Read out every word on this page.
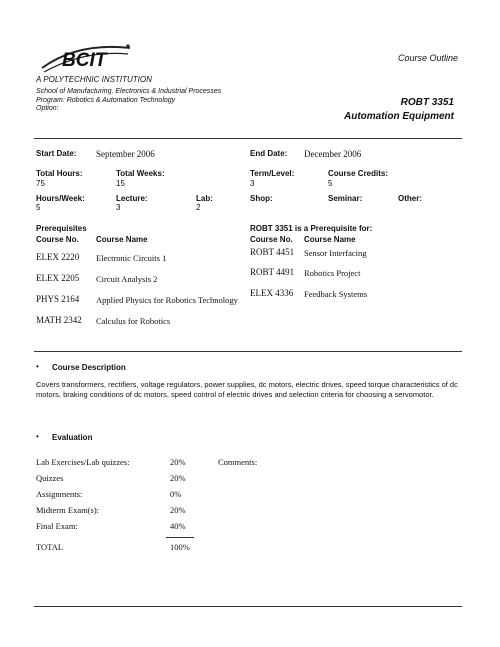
BCIT
A POLYTECHNIC INSTITUTION
School of Manufacturing, Electronics & Industrial Processes
Program: Robotics & Automation Technology
Option:
Course Outline
ROBT 3351
Automation Equipment
Start Date: September 2006	End Date: December 2006
Total Hours:
75
Total Weeks:
15
Term/Level:
3
Course Credits:
5
Hours/Week:
5
Lecture:
3
Lab:
2
Shop:	Seminar:	Other:
Prerequisites
Course No. Course Name
ELEX 2220 Electronic Circuits 1
ELEX 2205 Circuit Analysis 2
PHYS 2164 Applied Physics for Robotics Technology
MATH 2342 Calculus for Robotics
ROBT 3351 is a Prerequisite for:
Course No. Course Name
ROBT 4451 Sensor Interfacing
ROBT 4491 Robotics Project
ELEX 4336 Feedback Systems
• Course Description
Covers transformers, rectifiers, voltage regulators, power supplies, dc motors, electric drives, speed torque characteristics of dc motors, braking conditions of dc motors, speed control of electric drives and selection criteria for choosing a servomotor.
• Evaluation
Lab Exercises/Lab quizzes:	20%	Comments:
Quizzes	20%
Assignments:	0%
Midterm Exam(s):	20%
Final Exam:	40%
TOTAL	100%
